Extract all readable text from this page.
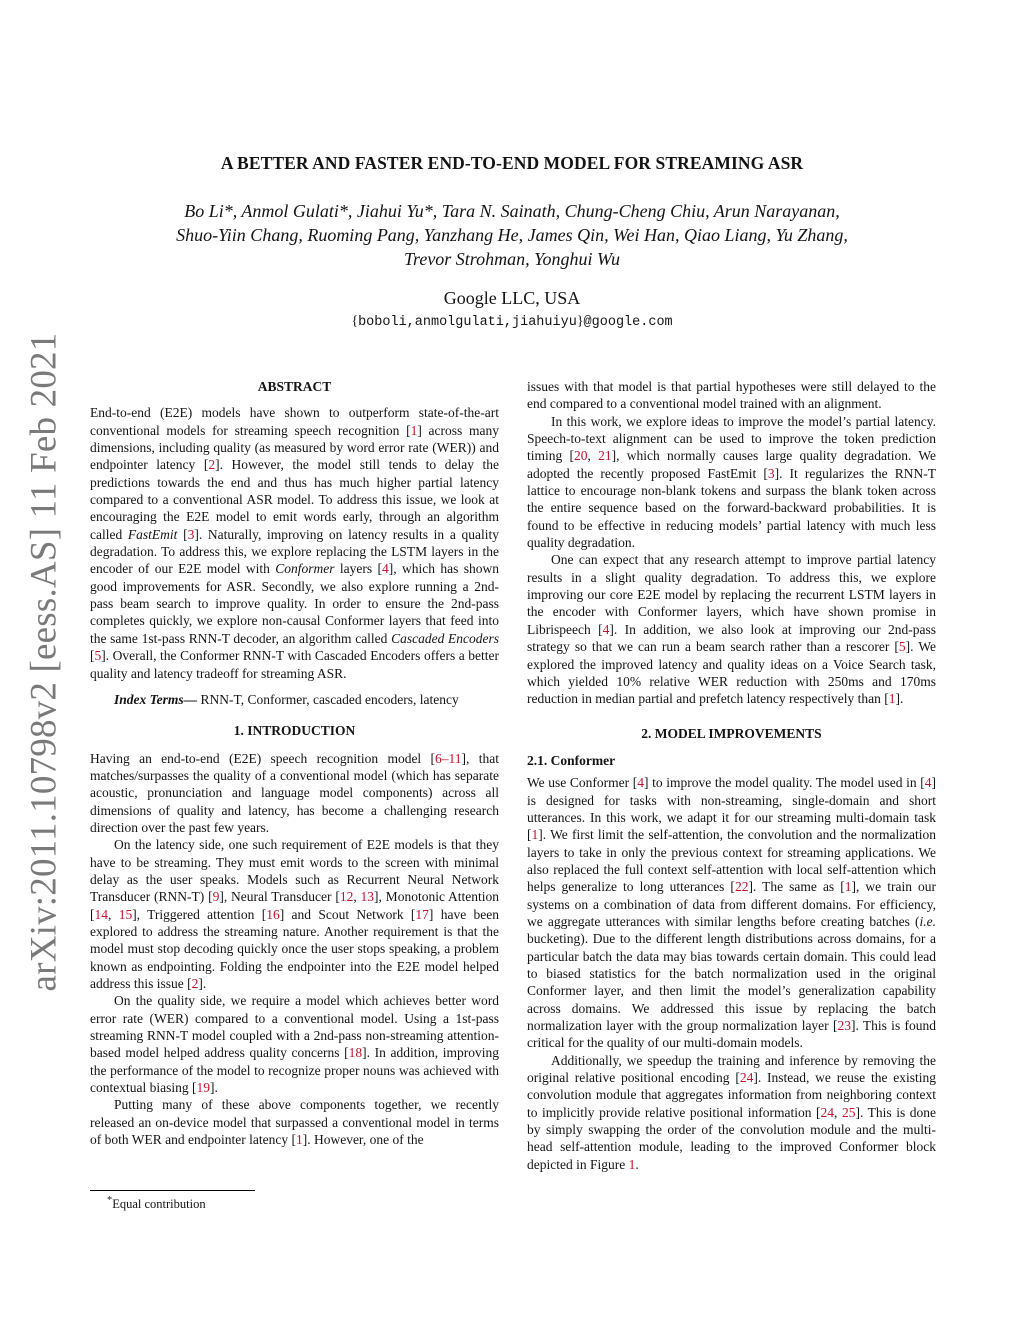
arXiv:2011.10798v2 [eess.AS] 11 Feb 2021
A BETTER AND FASTER END-TO-END MODEL FOR STREAMING ASR
Bo Li*, Anmol Gulati*, Jiahui Yu*, Tara N. Sainath, Chung-Cheng Chiu, Arun Narayanan,
Shuo-Yiin Chang, Ruoming Pang, Yanzhang He, James Qin, Wei Han, Qiao Liang, Yu Zhang,
Trevor Strohman, Yonghui Wu
Google LLC, USA
{boboli,anmolgulati,jiahuiyu}@google.com

ABSTRACT

End-to-end (E2E) models have shown to outperform state-of-the-art conventional models for streaming speech recognition [1] across many dimensions, including quality (as measured by word error rate (WER)) and endpointer latency [2]. However, the model still tends to delay the predictions towards the end and thus has much higher partial latency compared to a conventional ASR model. To address this issue, we look at encouraging the E2E model to emit words early, through an algorithm called FastEmit [3]. Naturally, improving on latency results in a quality degradation. To address this, we explore replacing the LSTM layers in the encoder of our E2E model with Conformer layers [4], which has shown good improvements for ASR. Secondly, we also explore running a 2nd-pass beam search to improve quality. In order to ensure the 2nd-pass completes quickly, we explore non-causal Conformer layers that feed into the same 1st-pass RNN-T decoder, an algorithm called Cascaded Encoders [5]. Overall, the Conformer RNN-T with Cascaded Encoders offers a better quality and latency tradeoff for streaming ASR.

Index Terms— RNN-T, Conformer, cascaded encoders, latency

1. INTRODUCTION

Having an end-to-end (E2E) speech recognition model [6–11], that matches/surpasses the quality of a conventional model (which has separate acoustic, pronunciation and language model components) across all dimensions of quality and latency, has become a challenging research direction over the past few years.

On the latency side, one such requirement of E2E models is that they have to be streaming. They must emit words to the screen with minimal delay as the user speaks. Models such as Recurrent Neural Network Transducer (RNN-T) [9], Neural Transducer [12, 13], Monotonic Attention [14, 15], Triggered attention [16] and Scout Network [17] have been explored to address the streaming nature. Another requirement is that the model must stop decoding quickly once the user stops speaking, a problem known as endpointing. Folding the endpointer into the E2E model helped address this issue [2].

On the quality side, we require a model which achieves better word error rate (WER) compared to a conventional model. Using a 1st-pass streaming RNN-T model coupled with a 2nd-pass non-streaming attention-based model helped address quality concerns [18]. In addition, improving the performance of the model to recognize proper nouns was achieved with contextual biasing [19].

Putting many of these above components together, we recently released an on-device model that surpassed a conventional model in terms of both WER and endpointer latency [1]. However, one of the

issues with that model is that partial hypotheses were still delayed to the end compared to a conventional model trained with an alignment.

In this work, we explore ideas to improve the model’s partial latency. Speech-to-text alignment can be used to improve the token prediction timing [20, 21], which normally causes large quality degradation. We adopted the recently proposed FastEmit [3]. It regularizes the RNN-T lattice to encourage non-blank tokens and surpass the blank token across the entire sequence based on the forward-backward probabilities. It is found to be effective in reducing models’ partial latency with much less quality degradation.

One can expect that any research attempt to improve partial latency results in a slight quality degradation. To address this, we explore improving our core E2E model by replacing the recurrent LSTM layers in the encoder with Conformer layers, which have shown promise in Librispeech [4]. In addition, we also look at improving our 2nd-pass strategy so that we can run a beam search rather than a rescorer [5]. We explored the improved latency and quality ideas on a Voice Search task, which yielded 10% relative WER reduction with 250ms and 170ms reduction in median partial and prefetch latency respectively than [1].

2. MODEL IMPROVEMENTS

2.1. Conformer

We use Conformer [4] to improve the model quality. The model used in [4] is designed for tasks with non-streaming, single-domain and short utterances. In this work, we adapt it for our streaming multi-domain task [1]. We first limit the self-attention, the convolution and the normalization layers to take in only the previous context for streaming applications. We also replaced the full context self-attention with local self-attention which helps generalize to long utterances [22]. The same as [1], we train our systems on a combination of data from different domains. For efficiency, we aggregate utterances with similar lengths before creating batches (i.e. bucketing). Due to the different length distributions across domains, for a particular batch the data may bias towards certain domain. This could lead to biased statistics for the batch normalization used in the original Conformer layer, and then limit the model’s generalization capability across domains. We addressed this issue by replacing the batch normalization layer with the group normalization layer [23]. This is found critical for the quality of our multi-domain models.

Additionally, we speedup the training and inference by removing the original relative positional encoding [24]. Instead, we reuse the existing convolution module that aggregates information from neighboring context to implicitly provide relative positional information [24, 25]. This is done by simply swapping the order of the convolution module and the multi-head self-attention module, leading to the improved Conformer block depicted in Figure 1.

*Equal contribution
